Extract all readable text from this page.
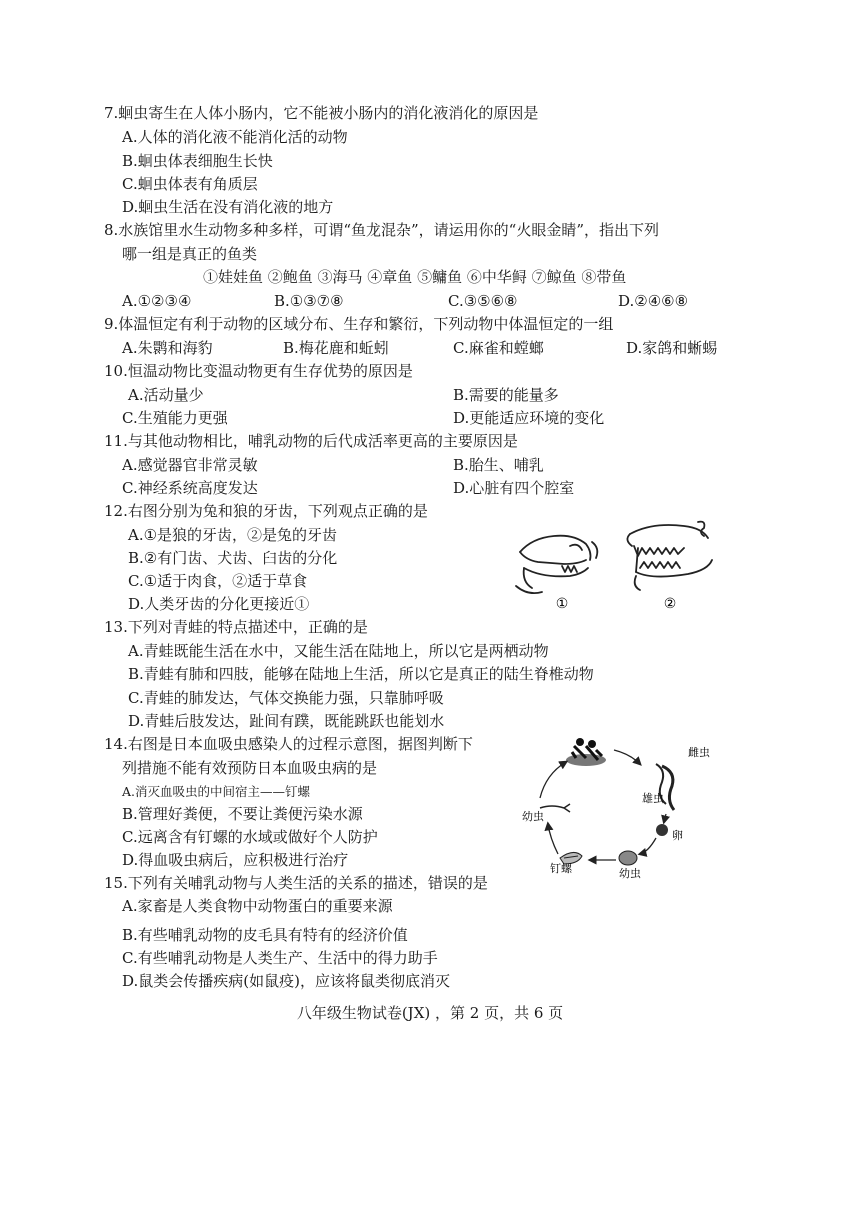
7.蛔虫寄生在人体小肠内，它不能被小肠内的消化液消化的原因是
A.人体的消化液不能消化活的动物
B.蛔虫体表细胞生长快
C.蛔虫体表有角质层
D.蛔虫生活在没有消化液的地方
8.水族馆里水生动物多种多样，可谓“鱼龙混杂”，请运用你的“火眼金睛”，指出下列
哪一组是真正的鱼类
①娃娃鱼 ②鲍鱼 ③海马 ④章鱼 ⑤鳙鱼 ⑥中华鲟 ⑦鲸鱼 ⑧带鱼
A.①②③④	B.①③⑦⑧	C.③⑤⑥⑧	D.②④⑥⑧
9.体温恒定有利于动物的区域分布、生存和繁衍，下列动物中体温恒定的一组
A.朱鹮和海豹	B.梅花鹿和蚯蚓	C.麻雀和螳螂	D.家鸽和蜥蜴
10.恒温动物比变温动物更有生存优势的原因是
A.活动量少	B.需要的能量多
C.生殖能力更强	D.更能适应环境的变化
11.与其他动物相比，哺乳动物的后代成活率更高的主要原因是
A.感觉器官非常灵敏	B.胎生、哺乳
C.神经系统高度发达	D.心脏有四个腔室
12.右图分别为兔和狼的牙齿，下列观点正确的是
A.①是狼的牙齿，②是兔的牙齿
B.②有门齿、犬齿、臼齿的分化
C.①适于肉食，②适于草食
D.人类牙齿的分化更接近①	①	②
13.下列对青蛙的特点描述中，正确的是
A.青蛙既能生活在水中，又能生活在陆地上，所以它是两栖动物
B.青蛙有肺和四肢，能够在陆地上生活，所以它是真正的陆生脊椎动物
C.青蛙的肺发达，气体交换能力强，只靠肺呼吸
D.青蛙后肢发达，趾间有蹼，既能跳跃也能划水
14.右图是日本血吸虫感染人的过程示意图，据图判断下
列措施不能有效预防日本血吸虫病的是
A.消灭血吸虫的中间宿主——钉螺
B.管理好粪便，不要让粪便污染水源
C.远离含有钉螺的水域或做好个人防护
D.得血吸虫病后，应积极进行治疗
雌虫
雄虫
卵
幼虫
钉螺
幼虫
15.下列有关哺乳动物与人类生活的关系的描述，错误的是
A.家畜是人类食物中动物蛋白的重要来源
B.有些哺乳动物的皮毛具有特有的经济价值
C.有些哺乳动物是人类生产、生活中的得力助手
D.鼠类会传播疾病(如鼠疫)，应该将鼠类彻底消灭
八年级生物试卷(JX) ，第 2 页，共 6 页
